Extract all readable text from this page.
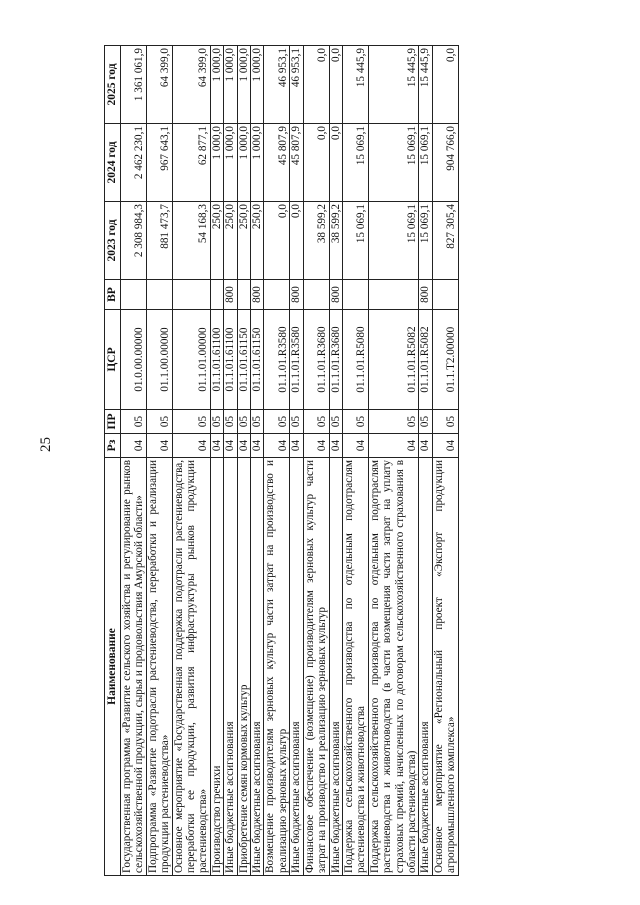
25
Наименование	Рз	ПР	ЦСР	ВР	2023 год	2024 год	2025 год
Государственная программа «Развитие сельского хозяйства и регулирование рынков сельскохозяйственной продукции, сырья и продовольствия Амурской области»	04	05	01.0.00.00000		2 308 984,3	2 462 230,1	1 361 061,9
Подпрограмма «Развитие подотрасли растениеводства, переработки и реализации продукции растениеводства»	04	05	01.1.00.00000		881 473,7	967 643,1	64 399,0
Основное мероприятие «Государственная поддержка подотрасли растениеводства, переработки ее продукции, развития инфраструктуры рынков продукции растениеводства»	04	05	01.1.01.00000		54 168,3	62 877,1	64 399,0
Производство гречихи	04	05	01.1.01.61100		250,0	1 000,0	1 000,0
Иные бюджетные ассигнования	04	05	01.1.01.61100	800	250,0	1 000,0	1 000,0
Приобретение семян кормовых культур	04	05	01.1.01.61150		250,0	1 000,0	1 000,0
Иные бюджетные ассигнования	04	05	01.1.01.61150	800	250,0	1 000,0	1 000,0
Возмещение производителям зерновых культур части затрат на производство и реализацию зерновых культур	04	05	01.1.01.R3580		0,0	45 807,9	46 953,1
Иные бюджетные ассигнования	04	05	01.1.01.R3580	800	0,0	45 807,9	46 953,1
Финансовое обеспечение (возмещение) производителям зерновых культур части затрат на производство и реализацию зерновых культур	04	05	01.1.01.R3680		38 599,2	0,0	0,0
Иные бюджетные ассигнования	04	05	01.1.01.R3680	800	38 599,2	0,0	0,0
Поддержка сельскохозяйственного производства по отдельным подотраслям растениеводства и животноводства	04	05	01.1.01.R5080		15 069,1	15 069,1	15 445,9
Поддержка сельскохозяйственного производства по отдельным подотраслям растениеводства и животноводства (в части возмещения части затрат на уплату страховых премий, начисленных по договорам сельскохозяйственного страхования в области растениеводства)	04	05	01.1.01.R5082		15 069,1	15 069,1	15 445,9
Иные бюджетные ассигнования	04	05	01.1.01.R5082	800	15 069,1	15 069,1	15 445,9
Основное мероприятие «Региональный проект «Экспорт продукции агропромышленного комплекса»	04	05	01.1.T2.00000		827 305,4	904 766,0	0,0
